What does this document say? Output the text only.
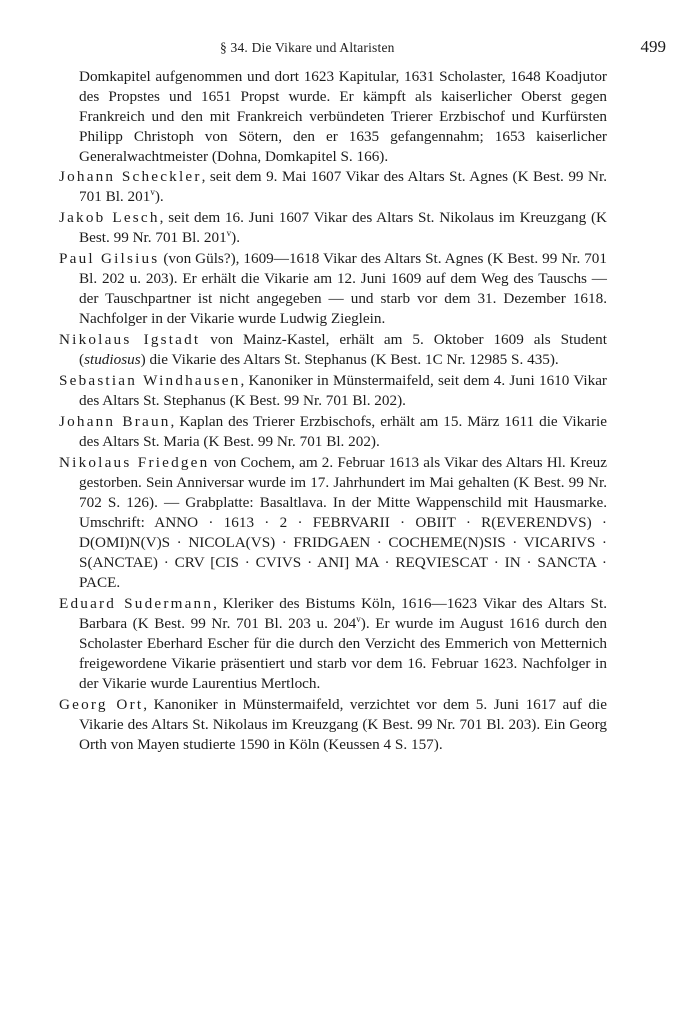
§ 34. Die Vikare und Altaristen	499

Domkapitel aufgenommen und dort 1623 Kapitular, 1631 Scholaster, 1648 Koadjutor des Propstes und 1651 Propst wurde. Er kämpft als kaiserlicher Oberst gegen Frankreich und den mit Frankreich verbündeten Trierer Erzbischof und Kurfürsten Philipp Christoph von Sötern, den er 1635 gefangennahm; 1653 kaiserlicher Generalwachtmeister (Dohna, Domkapitel S. 166).

Johann Scheckler, seit dem 9. Mai 1607 Vikar des Altars St. Agnes (K Best. 99 Nr. 701 Bl. 201$^v$).

Jakob Lesch, seit dem 16. Juni 1607 Vikar des Altars St. Nikolaus im Kreuzgang (K Best. 99 Nr. 701 Bl. 201$^v$).

Paul Gilsius (von Güls?), 1609—1618 Vikar des Altars St. Agnes (K Best. 99 Nr. 701 Bl. 202 u. 203). Er erhält die Vikarie am 12. Juni 1609 auf dem Weg des Tauschs — der Tauschpartner ist nicht angegeben — und starb vor dem 31. Dezember 1618. Nachfolger in der Vikarie wurde Ludwig Zieglein.

Nikolaus Igstadt von Mainz-Kastel, erhält am 5. Oktober 1609 als Student (studiosus) die Vikarie des Altars St. Stephanus (K Best. 1C Nr. 12985 S. 435).

Sebastian Windhausen, Kanoniker in Münstermaifeld, seit dem 4. Juni 1610 Vikar des Altars St. Stephanus (K Best. 99 Nr. 701 Bl. 202).

Johann Braun, Kaplan des Trierer Erzbischofs, erhält am 15. März 1611 die Vikarie des Altars St. Maria (K Best. 99 Nr. 701 Bl. 202).

Nikolaus Friedgen von Cochem, am 2. Februar 1613 als Vikar des Altars Hl. Kreuz gestorben. Sein Anniversar wurde im 17. Jahrhundert im Mai gehalten (K Best. 99 Nr. 702 S. 126). — Grabplatte: Basaltlava. In der Mitte Wappenschild mit Hausmarke. Umschrift: ANNO · 1613 · 2 · FEBRVARII · OBIIT · R(EVERENDVS) · D(OMI)N(V)S · NICOLA(VS) · FRIDGAEN · COCHEME(N)SIS · VICARIVS · S(ANCTAE) · CRV [CIS · CVIVS · ANI] MA · REQVIESCAT · IN · SANCTA · PACE.

Eduard Sudermann, Kleriker des Bistums Köln, 1616—1623 Vikar des Altars St. Barbara (K Best. 99 Nr. 701 Bl. 203 u. 204$^v$). Er wurde im August 1616 durch den Scholaster Eberhard Escher für die durch den Verzicht des Emmerich von Metternich freigewordene Vikarie präsentiert und starb vor dem 16. Februar 1623. Nachfolger in der Vikarie wurde Laurentius Mertloch.

Georg Ort, Kanoniker in Münstermaifeld, verzichtet vor dem 5. Juni 1617 auf die Vikarie des Altars St. Nikolaus im Kreuzgang (K Best. 99 Nr. 701 Bl. 203). Ein Georg Orth von Mayen studierte 1590 in Köln (Keussen 4 S. 157).
